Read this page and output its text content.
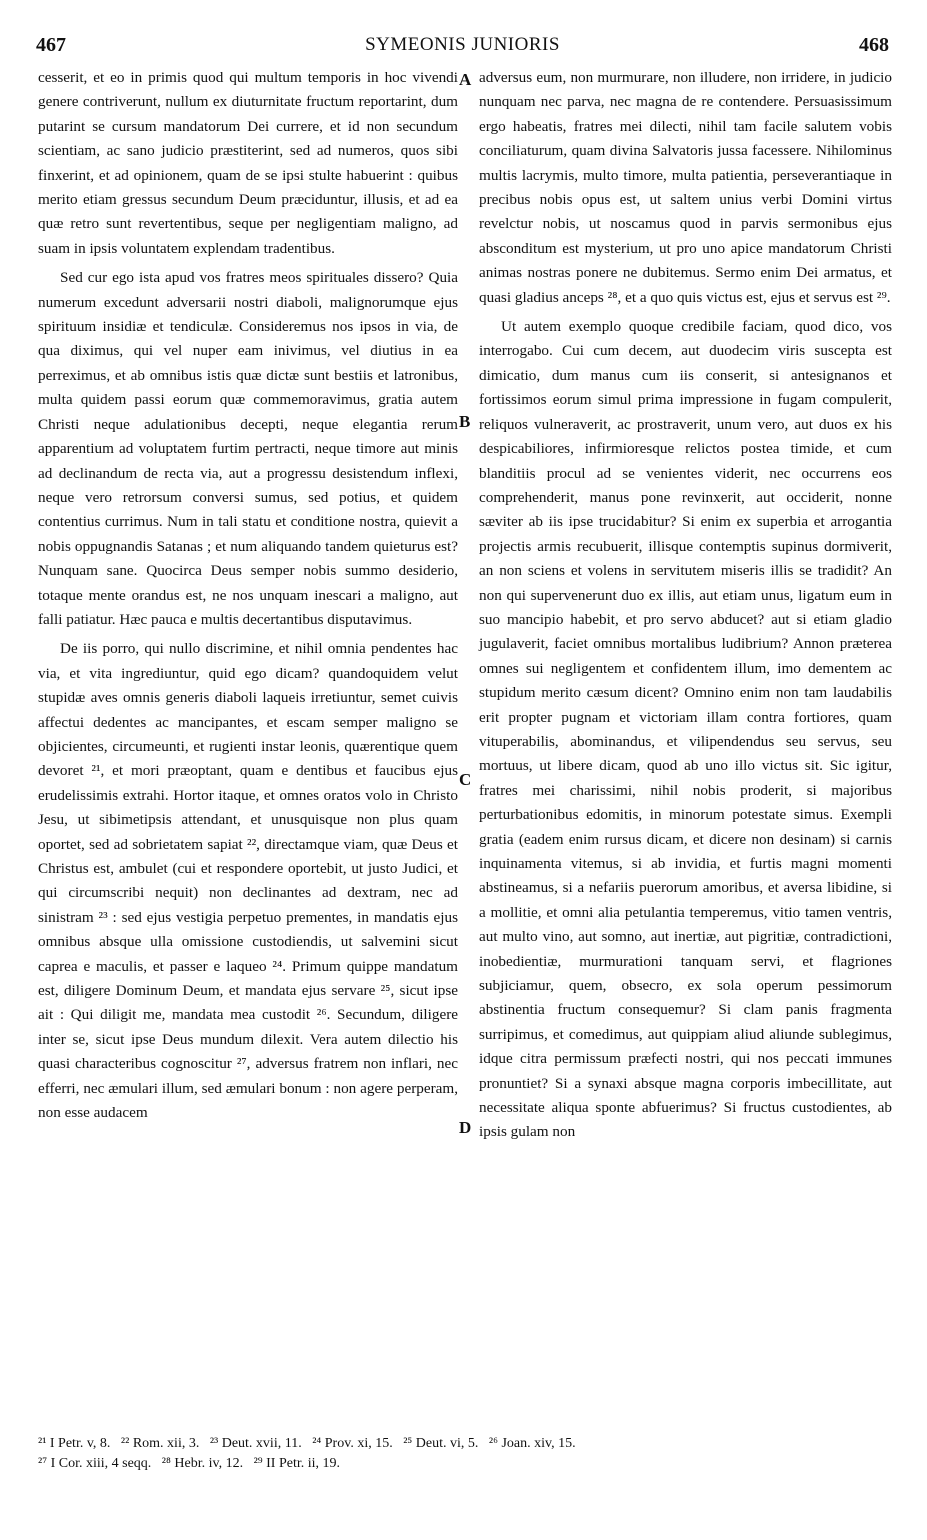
467	SYMEONIS JUNIORIS	468

cesserit, et eo in primis quod qui multum temporis in hoc vivendi genere contriverunt, nullum ex diuturnitate fructum reportarint, dum putarint se cursum mandatorum Dei currere, et id non secundum scientiam, ac sano judicio præstiterint, sed ad numeros, quos sibi finxerint, et ad opinionem, quam de se ipsi stulte habuerint : quibus merito etiam gressus secundum Deum præciduntur, illusis, et ad ea quæ retro sunt revertentibus, seque per negligentiam maligno, ad suam in ipsis voluntatem explendam tradentibus.

Sed cur ego ista apud vos fratres meos spirituales dissero? Quia numerum excedunt adversarii nostri diaboli, malignorumque ejus spirituum insidiæ et tendiculæ. Consideremus nos ipsos in via, de qua diximus, qui vel nuper eam inivimus, vel diutius in ea perreximus, et ab omnibus istis quæ dictæ sunt bestiis et latronibus, multa quidem passi eorum quæ commemoravimus, gratia autem Christi neque adulationibus decepti, neque elegantia rerum apparentium ad voluptatem furtim pertracti, neque timore aut minis ad declinandum de recta via, aut a progressu desistendum inflexi, neque vero retrorsum conversi sumus, sed potius, et quidem contentius currimus. Num in tali statu et conditione nostra, quievit a nobis oppugnandis Satanas ; et num aliquando tandem quieturus est? Nunquam sane. Quocirca Deus semper nobis summo desiderio, totaque mente orandus est, ne nos unquam inescari a maligno, aut falli patiatur. Hæc pauca e multis decertantibus disputavimus.

De iis porro, qui nullo discrimine, et nihil omnia pendentes hac via, et vita ingrediuntur, quid ego dicam? quandoquidem velut stupidæ aves omnis generis diaboli laqueis irretiuntur, semet cuivis affectui dedentes ac mancipantes, et escam semper maligno se objicientes, circumeunti, et rugienti instar leonis, quærentique quem devoret ²¹, et mori præoptant, quam e dentibus et faucibus ejus erudelissimis extrahi. Hortor itaque, et omnes oratos volo in Christo Jesu, ut sibimetipsis attendant, et unusquisque non plus quam oportet, sed ad sobrietatem sapiat ²², directamque viam, quæ Deus et Christus est, ambulet (cui et respondere oportebit, ut justo Judici, et qui circumscribi nequit) non declinantes ad dextram, nec ad sinistram ²³ : sed ejus vestigia perpetuo prementes, in mandatis ejus omnibus absque ulla omissione custodiendis, ut salvemini sicut caprea e maculis, et passer e laqueo ²⁴. Primum quippe mandatum est, diligere Dominum Deum, et mandata ejus servare ²⁵, sicut ipse ait : Qui diligit me, mandata mea custodit ²⁶. Secundum, diligere inter se, sicut ipse Deus mundum dilexit. Vera autem dilectio his quasi characteribus cognoscitur ²⁷, adversus fratrem non inflari, nec efferri, nec æmulari illum, sed æmulari bonum : non agere perperam, non esse audacem

A
B
C
D

adversus eum, non murmurare, non illudere, non irridere, in judicio nunquam nec parva, nec magna de re contendere. Persuasissimum ergo habeatis, fratres mei dilecti, nihil tam facile salutem vobis conciliaturum, quam divina Salvatoris jussa facessere. Nihilominus multis lacrymis, multo timore, multa patientia, perseverantiaque in precibus nobis opus est, ut saltem unius verbi Domini virtus revelctur nobis, ut noscamus quod in parvis sermonibus ejus absconditum est mysterium, ut pro uno apice mandatorum Christi animas nostras ponere ne dubitemus. Sermo enim Dei armatus, et quasi gladius anceps ²⁸, et a quo quis victus est, ejus et servus est ²⁹.

Ut autem exemplo quoque credibile faciam, quod dico, vos interrogabo. Cui cum decem, aut duodecim viris suscepta est dimicatio, dum manus cum iis conserit, si antesignanos et fortissimos eorum simul prima impressione in fugam compulerit, reliquos vulneraverit, ac prostraverit, unum vero, aut duos ex his despicabiliores, infirmioresque relictos postea timide, et cum blanditiis procul ad se venientes viderit, nec occurrens eos comprehenderit, manus pone revinxerit, aut occiderit, nonne sæviter ab iis ipse trucidabitur? Si enim ex superbia et arrogantia projectis armis recubuerit, illisque contemptis supinus dormiverit, an non sciens et volens in servitutem miseris illis se tradidit? An non qui supervenerunt duo ex illis, aut etiam unus, ligatum eum in suo mancipio habebit, et pro servo abducet? aut si etiam gladio jugulaverit, faciet omnibus mortalibus ludibrium? Annon præterea omnes sui negligentem et confidentem illum, imo dementem ac stupidum merito cæsum dicent? Omnino enim non tam laudabilis erit propter pugnam et victoriam illam contra fortiores, quam vituperabilis, abominandus, et vilipendendus seu servus, seu mortuus, ut libere dicam, quod ab uno illo victus sit. Sic igitur, fratres mei charissimi, nihil nobis proderit, si majoribus perturbationibus edomitis, in minorum potestate simus. Exempli gratia (eadem enim rursus dicam, et dicere non desinam) si carnis inquinamenta vitemus, si ab invidia, et furtis magni momenti abstineamus, si a nefariis puerorum amoribus, et aversa libidine, si a mollitie, et omni alia petulantia temperemus, vitio tamen ventris, aut multo vino, aut somno, aut inertiæ, aut pigritiæ, contradictioni, inobedientiæ, murmurationi tanquam servi, et flagriones subjiciamur, quem, obsecro, ex sola operum pessimorum abstinentia fructum consequemur? Si clam panis fragmenta surripimus, et comedimus, aut quippiam aliud aliunde sublegimus, idque citra permissum præfecti nostri, qui nos peccati immunes pronuntiet? Si a synaxi absque magna corporis imbecillitate, aut necessitate aliqua sponte abfuerimus? Si fructus custodientes, ab ipsis gulam non

²¹ I Petr. v, 8.   ²² Rom. xii, 3.   ²³ Deut. xvii, 11.   ²⁴ Prov. xi, 15.   ²⁵ Deut. vi, 5.   ²⁶ Joan. xiv, 15.
²⁷ I Cor. xiii, 4 seqq.   ²⁸ Hebr. iv, 12.   ²⁹ II Petr. ii, 19.
